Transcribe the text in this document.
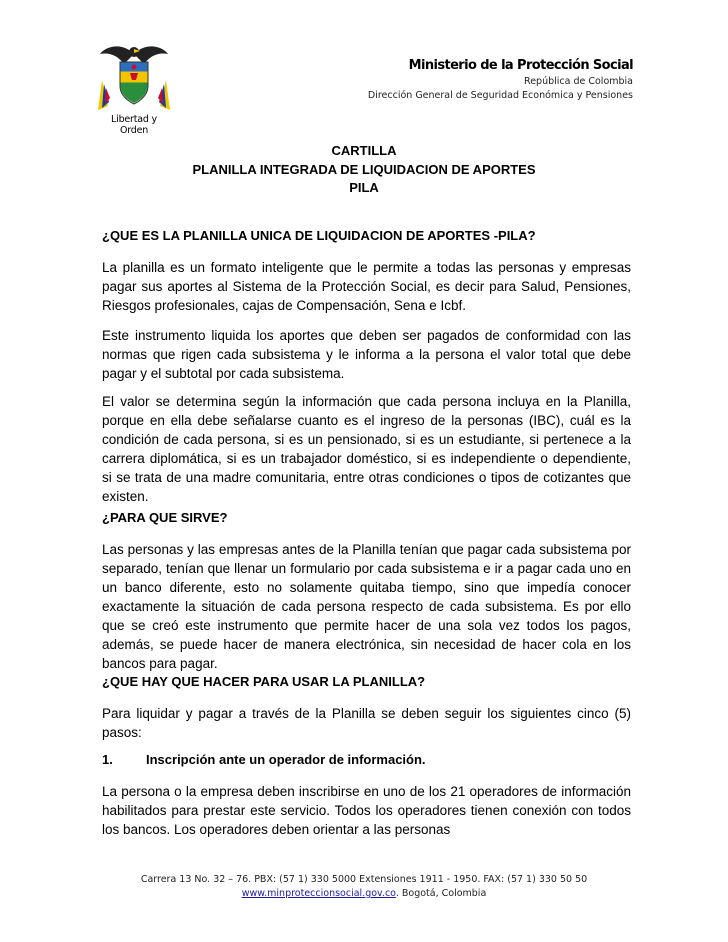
Libertad y Orden
Ministerio de la Protección Social
República de Colombia
Dirección General de Seguridad Económica y Pensiones
CARTILLA
PLANILLA INTEGRADA DE LIQUIDACION DE APORTES
PILA
¿QUE ES LA PLANILLA UNICA DE LIQUIDACION DE APORTES -PILA?

La planilla es un formato inteligente que le permite a todas las personas y empresas pagar sus aportes al Sistema de la Protección Social, es decir para Salud, Pensiones, Riesgos profesionales, cajas de Compensación, Sena e Icbf.

Este instrumento liquida los aportes que deben ser pagados de conformidad con las normas que rigen cada subsistema y le informa a la persona el valor total que debe pagar y el subtotal por cada subsistema.

El valor se determina según la información que cada persona incluya en la Planilla, porque en ella debe señalarse cuanto es el ingreso de la personas (IBC), cuál es la condición de cada persona, si es un pensionado, si es un estudiante, si pertenece a la carrera diplomática, si es un trabajador doméstico, si es independiente o dependiente, si se trata de una madre comunitaria, entre otras condiciones o tipos de cotizantes que existen.

¿PARA QUE SIRVE?

Las personas y las empresas antes de la Planilla tenían que pagar cada subsistema por separado, tenían que llenar un formulario por cada subsistema e ir a pagar cada uno en un banco diferente, esto no solamente quitaba tiempo, sino que impedía conocer exactamente la situación de cada persona respecto de cada subsistema. Es por ello que se creó este instrumento que permite hacer de una sola vez todos los pagos, además, se puede hacer de manera electrónica, sin necesidad de hacer cola en los bancos para pagar.

¿QUE HAY QUE HACER PARA USAR LA PLANILLA?

Para liquidar y pagar a través de la Planilla se deben seguir los siguientes cinco (5) pasos:

1.	Inscripción ante un operador de información.

La persona o la empresa deben inscribirse en uno de los 21 operadores de información habilitados para prestar este servicio. Todos los operadores tienen conexión con todos los bancos. Los operadores deben orientar a las personas

Carrera 13 No. 32 – 76. PBX: (57 1) 330 5000 Extensiones 1911 - 1950. FAX: (57 1) 330 50 50
www.minproteccionsocial.gov.co. Bogotá, Colombia
